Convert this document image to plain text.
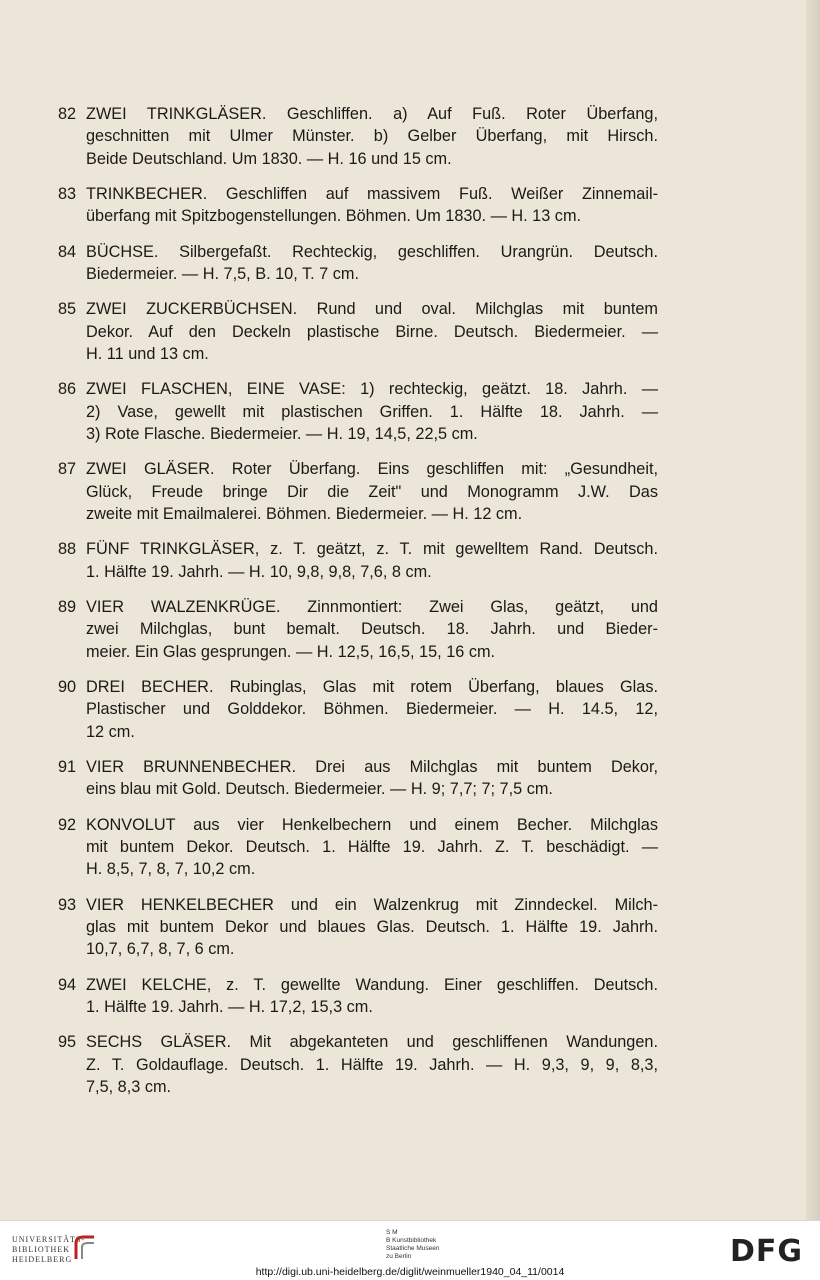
82 ZWEI TRINKGLÄSER. Geschliffen. a) Auf Fuß. Roter Überfang,
geschnitten mit Ulmer Münster. b) Gelber Überfang, mit Hirsch.
Beide Deutschland. Um 1830. — H. 16 und 15 cm.
83 TRINKBECHER. Geschliffen auf massivem Fuß. Weißer Zinnemail-
überfang mit Spitzbogenstellungen. Böhmen. Um 1830. — H. 13 cm.
84 BÜCHSE. Silbergefaßt. Rechteckig, geschliffen. Urangrün. Deutsch.
Biedermeier. — H. 7,5, B. 10, T. 7 cm.
85 ZWEI ZUCKERBÜCHSEN. Rund und oval. Milchglas mit buntem
Dekor. Auf den Deckeln plastische Birne. Deutsch. Biedermeier. —
H. 11 und 13 cm.
86 ZWEI FLASCHEN, EINE VASE: 1) rechteckig, geätzt. 18. Jahrh. —
2) Vase, gewellt mit plastischen Griffen. 1. Hälfte 18. Jahrh. —
3) Rote Flasche. Biedermeier. — H. 19, 14,5, 22,5 cm.
87 ZWEI GLÄSER. Roter Überfang. Eins geschliffen mit: „Gesundheit,
Glück, Freude bringe Dir die Zeit" und Monogramm J.W. Das
zweite mit Emailmalerei. Böhmen. Biedermeier. — H. 12 cm.
88 FÜNF TRINKGLÄSER, z. T. geätzt, z. T. mit gewelltem Rand. Deutsch.
1. Hälfte 19. Jahrh. — H. 10, 9,8, 9,8, 7,6, 8 cm.
89 VIER WALZENKRÜGE. Zinnmontiert: Zwei Glas, geätzt, und
zwei Milchglas, bunt bemalt. Deutsch. 18. Jahrh. und Bieder-
meier. Ein Glas gesprungen. — H. 12,5, 16,5, 15, 16 cm.
90 DREI BECHER. Rubinglas, Glas mit rotem Überfang, blaues Glas.
Plastischer und Golddekor. Böhmen. Biedermeier. — H. 14.5, 12,
12 cm.
91 VIER BRUNNENBECHER. Drei aus Milchglas mit buntem Dekor,
eins blau mit Gold. Deutsch. Biedermeier. — H. 9; 7,7; 7; 7,5 cm.
92 KONVOLUT aus vier Henkelbechern und einem Becher. Milchglas
mit buntem Dekor. Deutsch. 1. Hälfte 19. Jahrh. Z. T. beschädigt. —
H. 8,5, 7, 8, 7, 10,2 cm.
93 VIER HENKELBECHER und ein Walzenkrug mit Zinndeckel. Milch-
glas mit buntem Dekor und blaues Glas. Deutsch. 1. Hälfte 19. Jahrh.
10,7, 6,7, 8, 7, 6 cm.
94 ZWEI KELCHE, z. T. gewellte Wandung. Einer geschliffen. Deutsch.
1. Hälfte 19. Jahrh. — H. 17,2, 15,3 cm.
95 SECHS GLÄSER. Mit abgekanteten und geschliffenen Wandungen.
Z. T. Goldauflage. Deutsch. 1. Hälfte 19. Jahrh. — H. 9,3, 9, 9, 8,3,
7,5, 8,3 cm.
UNIVERSITÄTS-
BIBLIOTHEK
HEIDELBERG
S M
B Kunstbibliothek
Staatliche Museen
zu Berlin	DFG
http://digi.ub.uni-heidelberg.de/diglit/weinmueller1940_04_11/0014
